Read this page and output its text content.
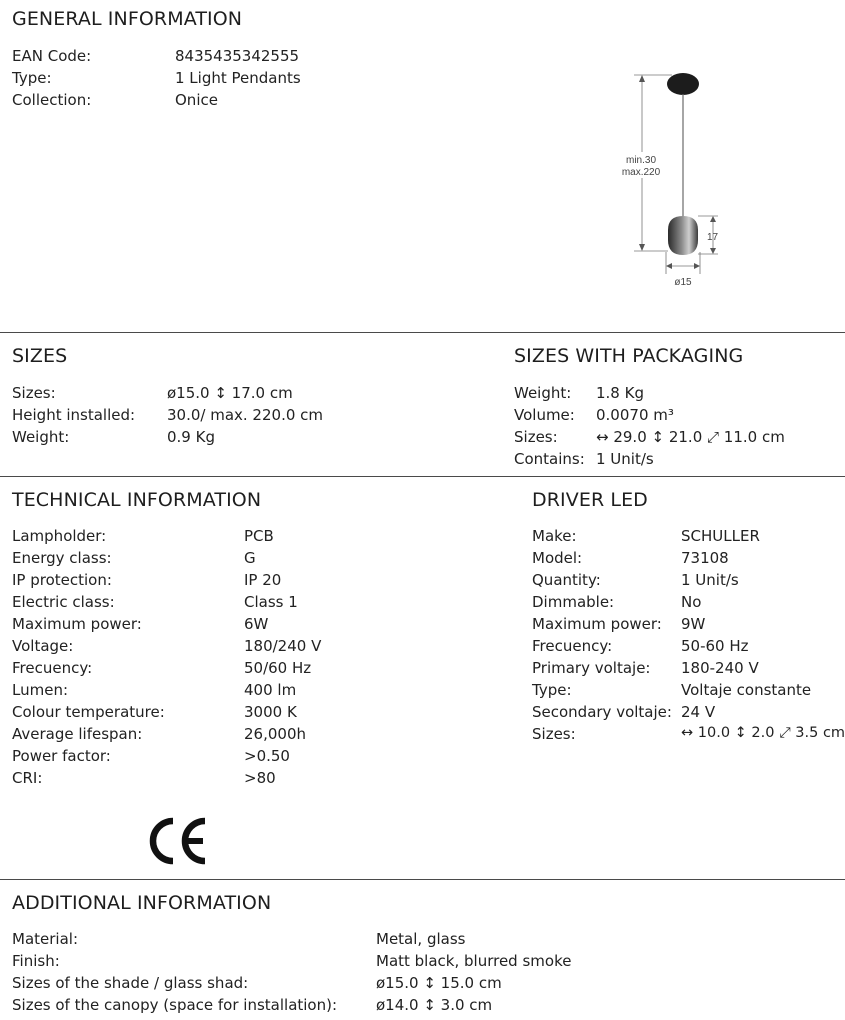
GENERAL INFORMATION
EAN Code:	8435435342555
Type:	1 Light Pendants
Collection:	Onice
min.30
max.220
17
ø15
SIZES
Sizes:	ø15.0 ↕ 17.0 cm
Height installed: 30.0/ max. 220.0 cm
Weight:	0.9 Kg
SIZES WITH PACKAGING
Weight: 1.8 Kg
Volume: 0.0070 m³
Sizes:	↔ 29.0 ↕ 21.0 ⤢ 11.0 cm
Contains: 1 Unit/s
TECHNICAL INFORMATION
Lampholder:	PCB
Energy class:	G
IP protection:	IP 20
Electric class:	Class 1
Maximum power:	6W
Voltage:	180/240 V
Frecuency:	50/60 Hz
Lumen:	400 lm
Colour temperature:	3000 K
Average lifespan:	26,000h
Power factor:	>0.50
CRI:	>80
DRIVER LED
Make:	SCHULLER
Model:	73108
Quantity:	1 Unit/s
Dimmable:	No
Maximum power: 9W
Frecuency:	50-60 Hz
Primary voltaje: 180-240 V
Type:	Voltaje constante
Secondary voltaje: 24 V
Sizes:	↔ 10.0 ↕ 2.0 ⤢ 3.5 cm
ADDITIONAL INFORMATION
Material:	Metal, glass
Finish:	Matt black, blurred smoke
Sizes of the shade / glass shad:	ø15.0 ↕ 15.0 cm
Sizes of the canopy (space for installation):	ø14.0 ↕ 3.0 cm
